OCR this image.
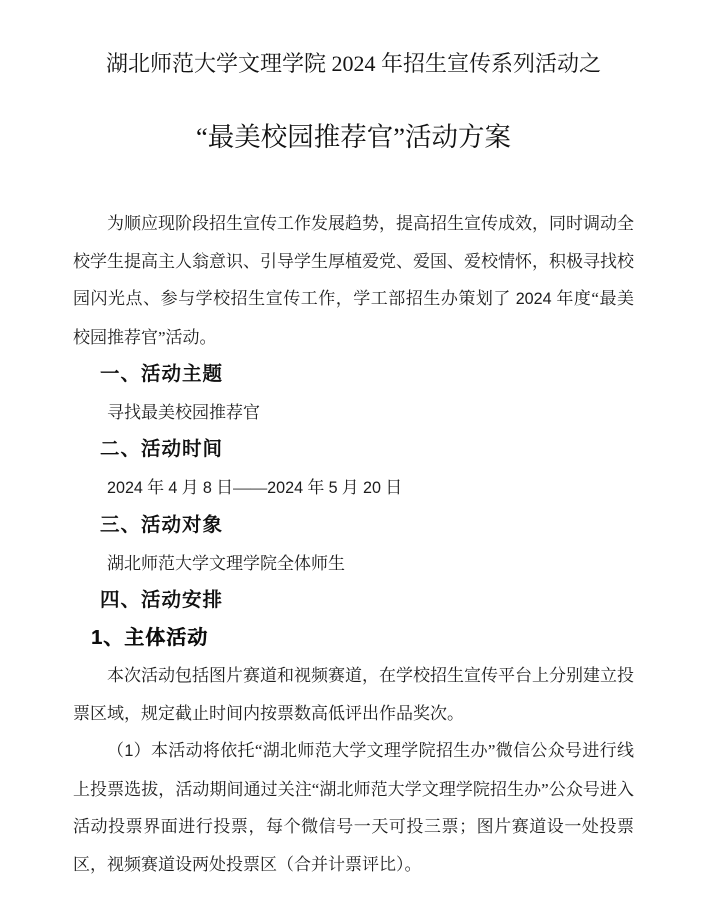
湖北师范大学文理学院 2024 年招生宣传系列活动之

“最美校园推荐官”活动方案

为顺应现阶段招生宣传工作发展趋势，提高招生宣传成效，同时调动全校学生提高主人翁意识、引导学生厚植爱党、爱国、爱校情怀，积极寻找校园闪光点、参与学校招生宣传工作，学工部招生办策划了 2024 年度“最美校园推荐官”活动。

一、活动主题

寻找最美校园推荐官

二、活动时间

2024 年 4 月 8 日——2024 年 5 月 20 日

三、活动对象

湖北师范大学文理学院全体师生

四、活动安排

1、主体活动

本次活动包括图片赛道和视频赛道，在学校招生宣传平台上分别建立投票区域，规定截止时间内按票数高低评出作品奖次。

（1）本活动将依托“湖北师范大学文理学院招生办”微信公众号进行线上投票选拔，活动期间通过关注“湖北师范大学文理学院招生办”公众号进入活动投票界面进行投票，每个微信号一天可投三票；图片赛道设一处投票区，视频赛道设两处投票区（合并计票评比）。
